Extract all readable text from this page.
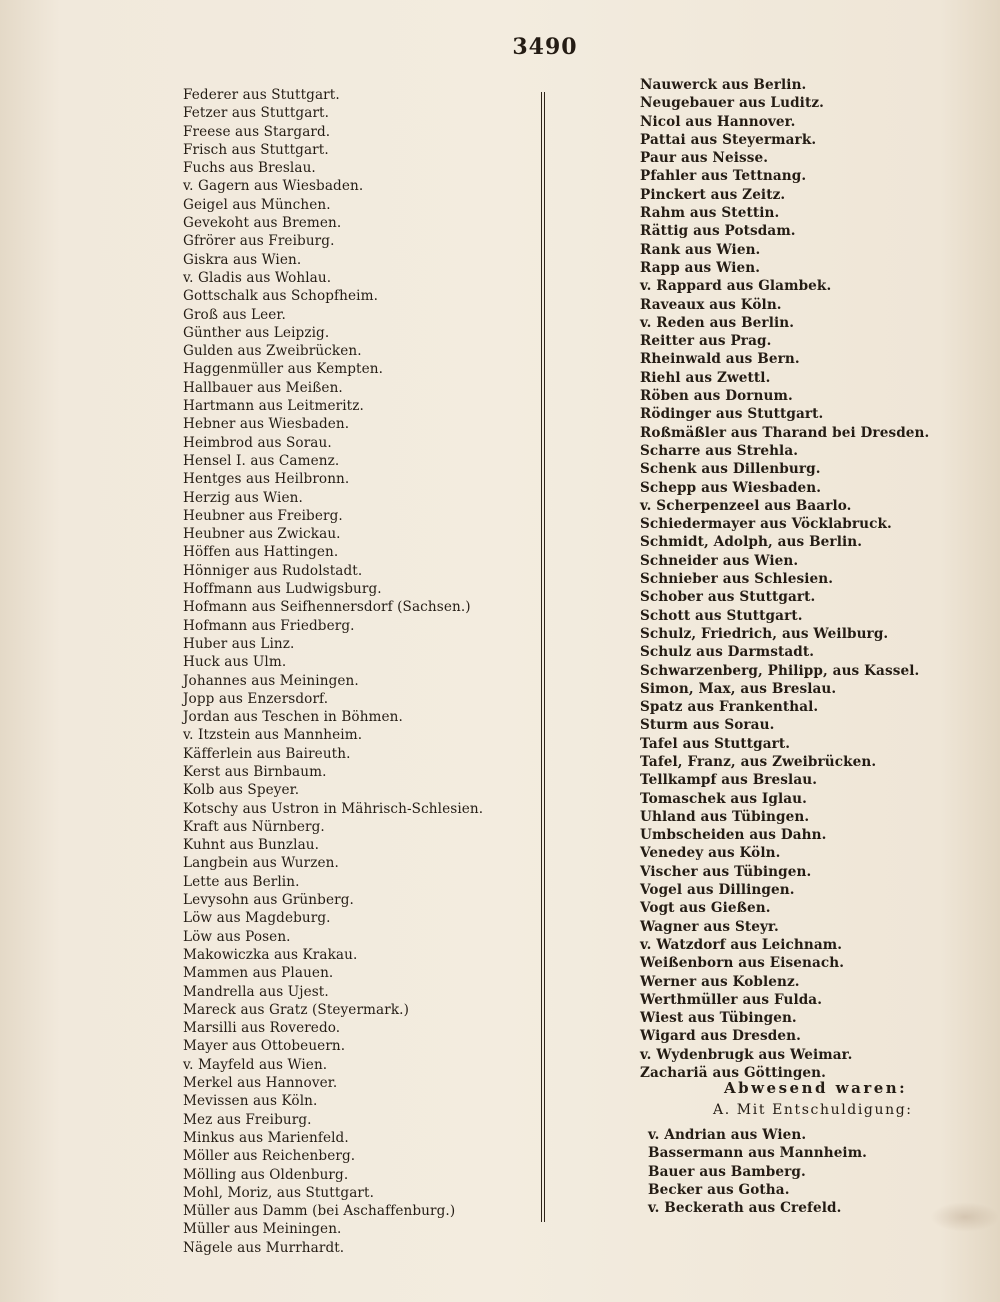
3490
Federer aus Stuttgart.
Fetzer aus Stuttgart.
Freese aus Stargard.
Frisch aus Stuttgart.
Fuchs aus Breslau.
v. Gagern aus Wiesbaden.
Geigel aus München.
Gevekoht aus Bremen.
Gfrörer aus Freiburg.
Giskra aus Wien.
v. Gladis aus Wohlau.
Gottschalk aus Schopfheim.
Groß aus Leer.
Günther aus Leipzig.
Gulden aus Zweibrücken.
Haggenmüller aus Kempten.
Hallbauer aus Meißen.
Hartmann aus Leitmeritz.
Hebner aus Wiesbaden.
Heimbrod aus Sorau.
Hensel I. aus Camenz.
Hentges aus Heilbronn.
Herzig aus Wien.
Heubner aus Freiberg.
Heubner aus Zwickau.
Höffen aus Hattingen.
Hönniger aus Rudolstadt.
Hoffmann aus Ludwigsburg.
Hofmann aus Seifhennersdorf (Sachsen.)
Hofmann aus Friedberg.
Huber aus Linz.
Huck aus Ulm.
Johannes aus Meiningen.
Jopp aus Enzersdorf.
Jordan aus Teschen in Böhmen.
v. Itzstein aus Mannheim.
Käfferlein aus Baireuth.
Kerst aus Birnbaum.
Kolb aus Speyer.
Kotschy aus Ustron in Mährisch-Schlesien.
Kraft aus Nürnberg.
Kuhnt aus Bunzlau.
Langbein aus Wurzen.
Lette aus Berlin.
Levysohn aus Grünberg.
Löw aus Magdeburg.
Löw aus Posen.
Makowiczka aus Krakau.
Mammen aus Plauen.
Mandrella aus Ujest.
Mareck aus Gratz (Steyermark.)
Marsilli aus Roveredo.
Mayer aus Ottobeuern.
v. Mayfeld aus Wien.
Merkel aus Hannover.
Mevissen aus Köln.
Mez aus Freiburg.
Minkus aus Marienfeld.
Möller aus Reichenberg.
Mölling aus Oldenburg.
Mohl, Moriz, aus Stuttgart.
Müller aus Damm (bei Aschaffenburg.)
Müller aus Meiningen.
Nägele aus Murrhardt.
Nauwerck aus Berlin.
Neugebauer aus Luditz.
Nicol aus Hannover.
Pattai aus Steyermark.
Paur aus Neisse.
Pfahler aus Tettnang.
Pinckert aus Zeitz.
Rahm aus Stettin.
Rättig aus Potsdam.
Rank aus Wien.
Rapp aus Wien.
v. Rappard aus Glambek.
Raveaux aus Köln.
v. Reden aus Berlin.
Reitter aus Prag.
Rheinwald aus Bern.
Riehl aus Zwettl.
Röben aus Dornum.
Rödinger aus Stuttgart.
Roßmäßler aus Tharand bei Dresden.
Scharre aus Strehla.
Schenk aus Dillenburg.
Schepp aus Wiesbaden.
v. Scherpenzeel aus Baarlo.
Schiedermayer aus Vöcklabruck.
Schmidt, Adolph, aus Berlin.
Schneider aus Wien.
Schnieber aus Schlesien.
Schober aus Stuttgart.
Schott aus Stuttgart.
Schulz, Friedrich, aus Weilburg.
Schulz aus Darmstadt.
Schwarzenberg, Philipp, aus Kassel.
Simon, Max, aus Breslau.
Spatz aus Frankenthal.
Sturm aus Sorau.
Tafel aus Stuttgart.
Tafel, Franz, aus Zweibrücken.
Tellkampf aus Breslau.
Tomaschek aus Iglau.
Uhland aus Tübingen.
Umbscheiden aus Dahn.
Venedey aus Köln.
Vischer aus Tübingen.
Vogel aus Dillingen.
Vogt aus Gießen.
Wagner aus Steyr.
v. Watzdorf aus Leichnam.
Weißenborn aus Eisenach.
Werner aus Koblenz.
Werthmüller aus Fulda.
Wiest aus Tübingen.
Wigard aus Dresden.
v. Wydenbrugk aus Weimar.
Zachariä aus Göttingen.
Abwesend waren:
A. Mit Entschuldigung:
v. Andrian aus Wien.
Bassermann aus Mannheim.
Bauer aus Bamberg.
Becker aus Gotha.
v. Beckerath aus Crefeld.
